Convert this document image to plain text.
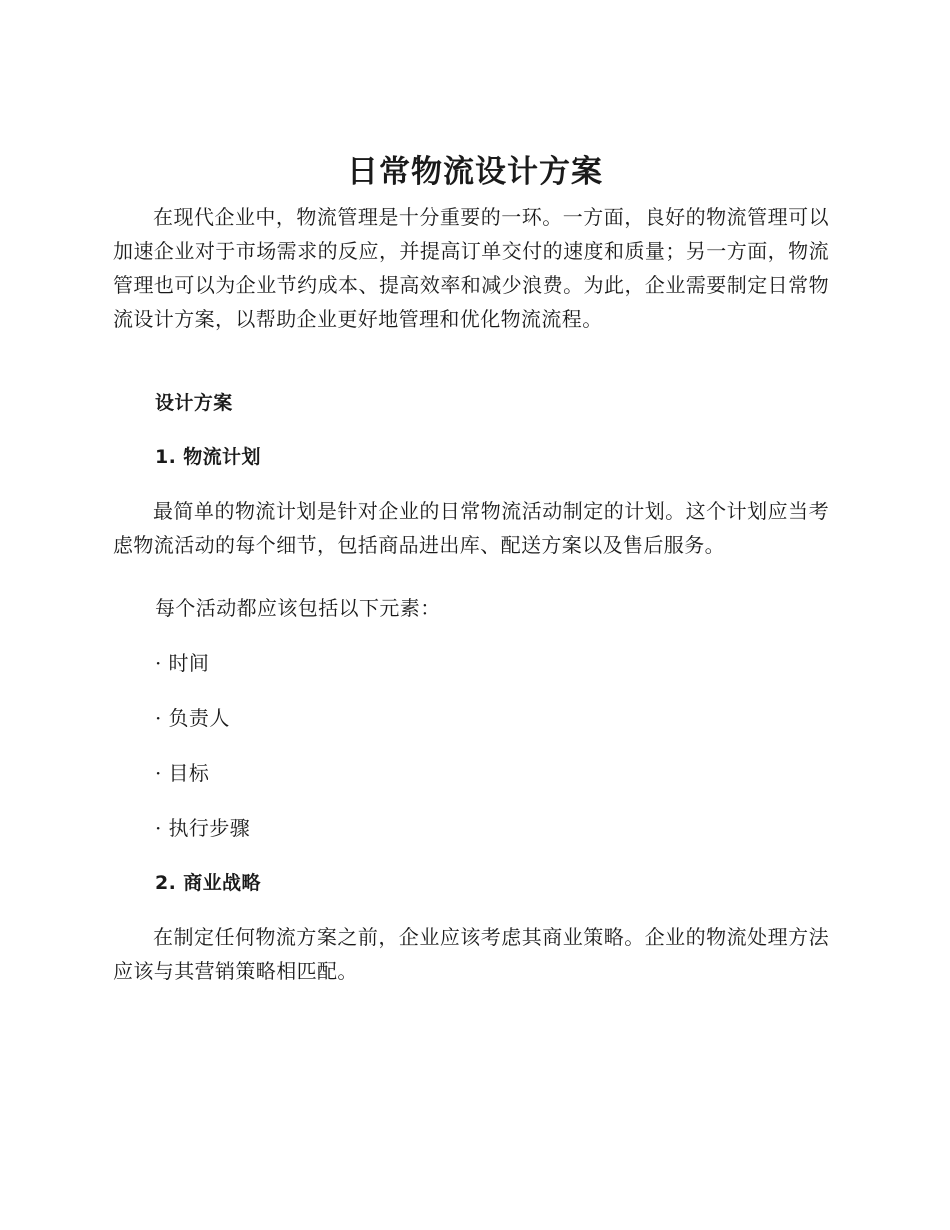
日常物流设计方案

在现代企业中，物流管理是十分重要的一环。一方面，良好的物流管理可以加速企业对于市场需求的反应，并提高订单交付的速度和质量；另一方面，物流管理也可以为企业节约成本、提高效率和减少浪费。为此，企业需要制定日常物流设计方案，以帮助企业更好地管理和优化物流流程。

设计方案

1. 物流计划

最简单的物流计划是针对企业的日常物流活动制定的计划。这个计划应当考虑物流活动的每个细节，包括商品进出库、配送方案以及售后服务。

每个活动都应该包括以下元素：

· 时间

· 负责人

· 目标

· 执行步骤

2. 商业战略

在制定任何物流方案之前，企业应该考虑其商业策略。企业的物流处理方法应该与其营销策略相匹配。
